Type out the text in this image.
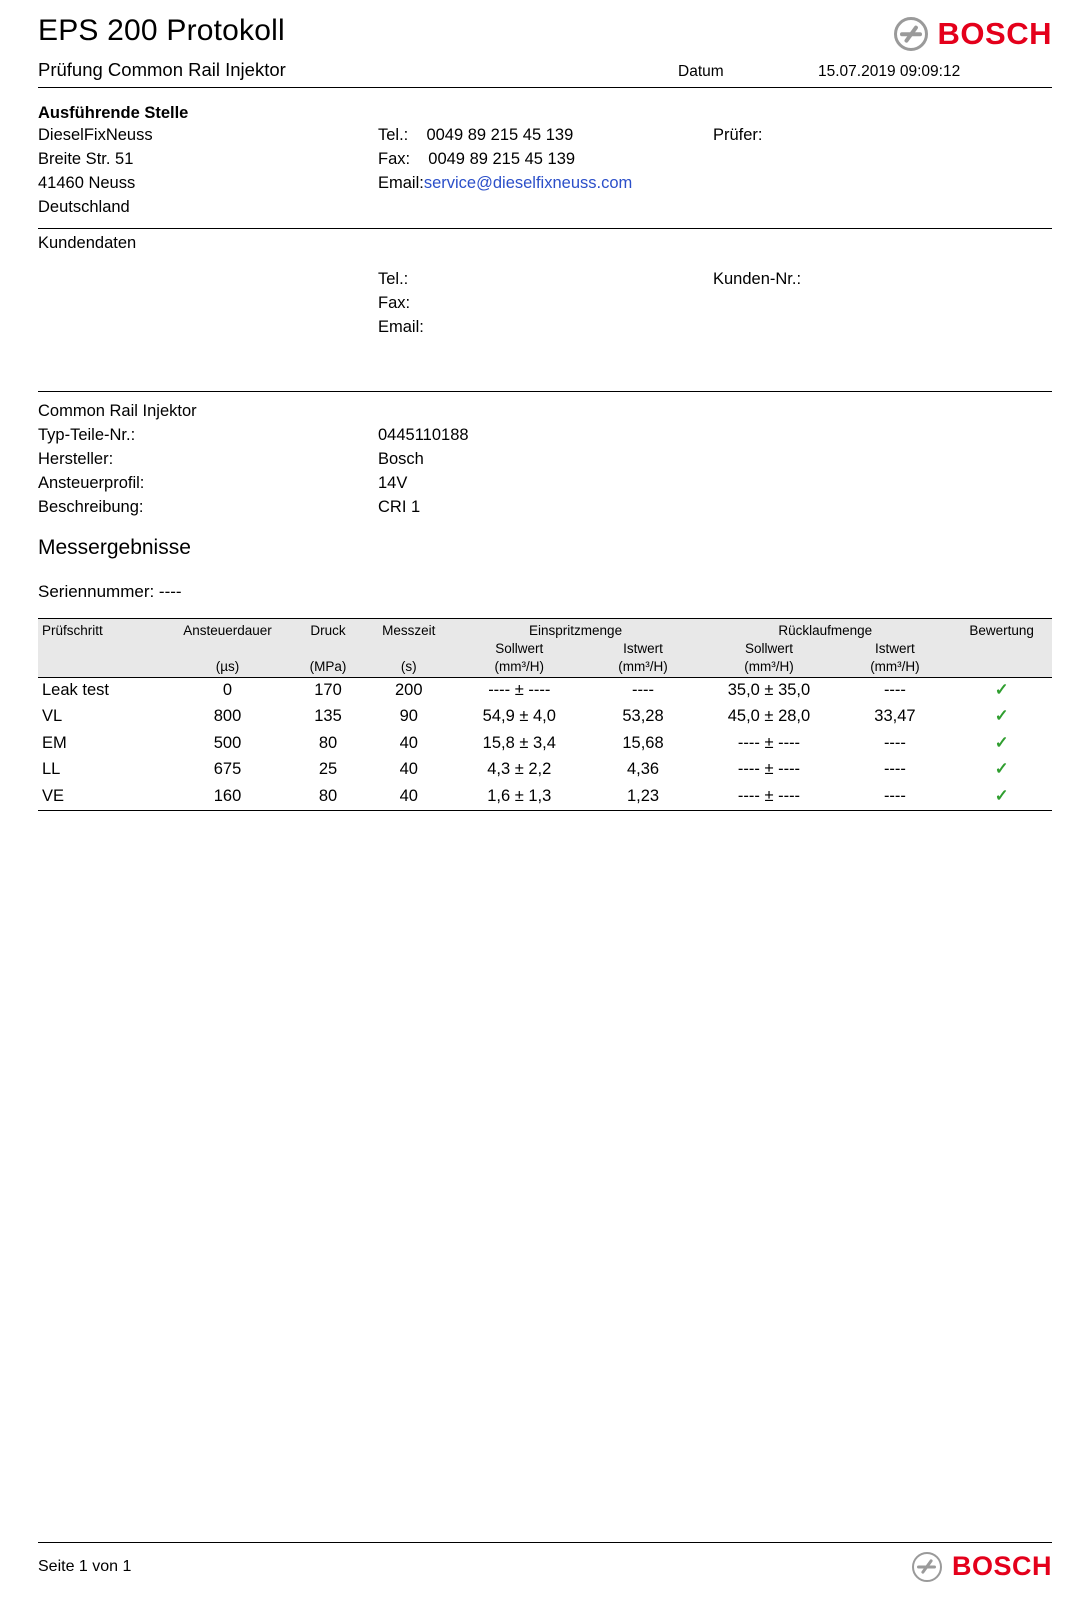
EPS 200 Protokoll	BOSCH
Prüfung Common Rail Injektor	Datum	15.07.2019 09:09:12
Ausführende Stelle
DieselFixNeuss
Breite Str. 51
41460 Neuss
Deutschland
Tel.: 0049 89 215 45 139
Fax: 0049 89 215 45 139
Email:service@dieselfixneuss.com
Prüfer:
Kundendaten

Tel.:
Fax:
Email:
Kunden-Nr.:
Common Rail Injektor
Typ-Teile-Nr.:	0445110188
Hersteller:	Bosch
Ansteuerprofil:	14V
Beschreibung:	CRI 1
Messergebnisse
Seriennummer: ----
Prüfschritt	Ansteuerdauer	Druck	Messzeit	Einspritzmenge		Rücklaufmenge		Bewertung
				Sollwert	Istwert	Sollwert	Istwert	
	(µs)	(MPa)	(s)	(mm³/H)	(mm³/H)	(mm³/H)	(mm³/H)	
Leak test	0	170	200	---- ± ----	----	35,0 ± 35,0	----	✓
VL	800	135	90	54,9 ± 4,0	53,28	45,0 ± 28,0	33,47	✓
EM	500	80	40	15,8 ± 3,4	15,68	---- ± ----	----	✓
LL	675	25	40	4,3 ± 2,2	4,36	---- ± ----	----	✓
VE	160	80	40	1,6 ± 1,3	1,23	---- ± ----	----	✓
Seite 1 von 1	BOSCH
